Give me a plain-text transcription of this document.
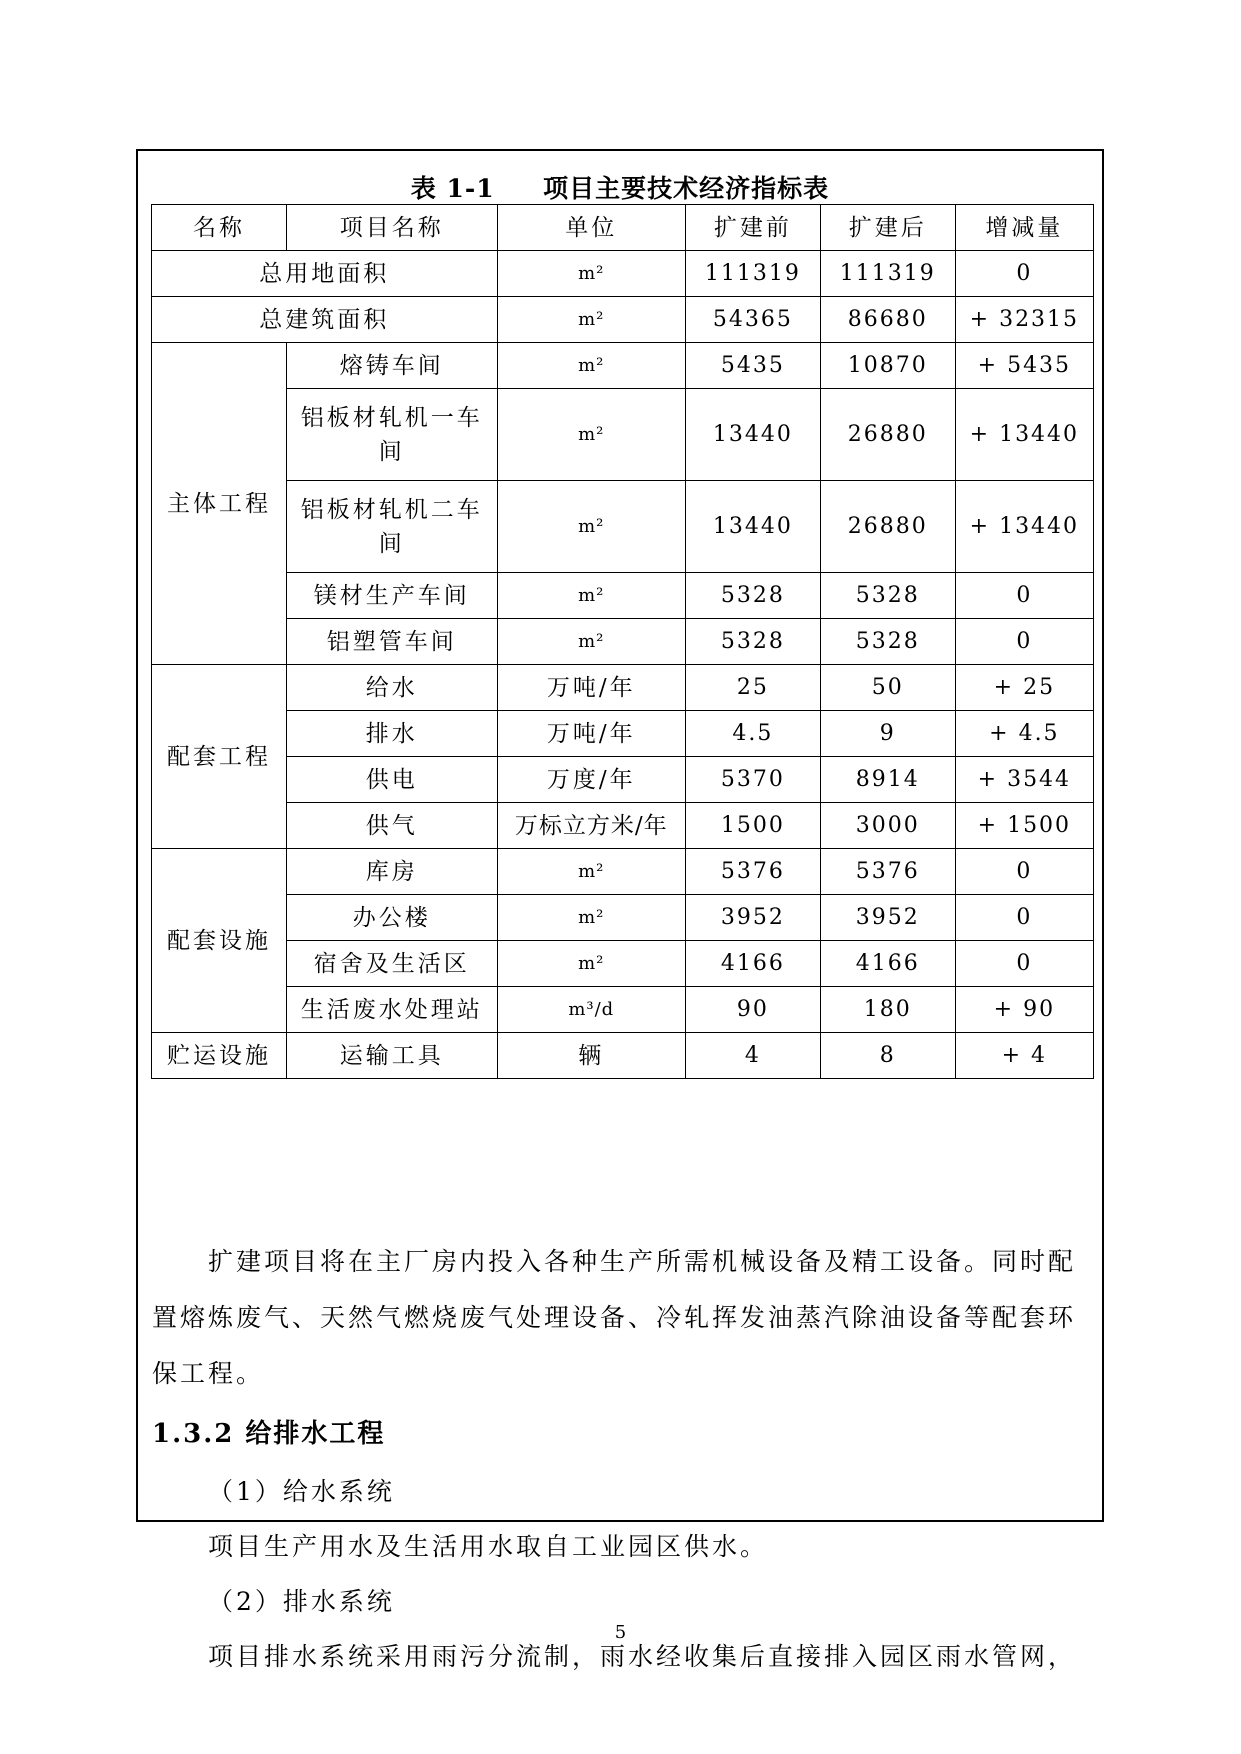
表 1-1     项目主要技术经济指标表
名称	项目名称	单位	扩建前	扩建后	增减量
总用地面积		m²	111319	111319	0
总建筑面积		m²	54365	86680	+ 32315
主体工程	熔铸车间	m²	5435	10870	+ 5435
	铝板材轧机一车间	m²	13440	26880	+ 13440
	铝板材轧机二车间	m²	13440	26880	+ 13440
	镁材生产车间	m²	5328	5328	0
	铝塑管车间	m²	5328	5328	0
配套工程	给水	万吨/年	25	50	+ 25
	排水	万吨/年	4.5	9	+ 4.5
	供电	万度/年	5370	8914	+ 3544
	供气	万标立方米/年	1500	3000	+ 1500
配套设施	库房	m²	5376	5376	0
	办公楼	m²	3952	3952	0
	宿舍及生活区	m²	4166	4166	0
	生活废水处理站	m³/d	90	180	+ 90
贮运设施	运输工具	辆	4	8	+ 4
扩建项目将在主厂房内投入各种生产所需机械设备及精工设备。同时配置熔炼废气、天然气燃烧废气处理设备、冷轧挥发油蒸汽除油设备等配套环保工程。
1.3.2 给排水工程
（1）给水系统
项目生产用水及生活用水取自工业园区供水。
（2）排水系统
项目排水系统采用雨污分流制，雨水经收集后直接排入园区雨水管网，
5
